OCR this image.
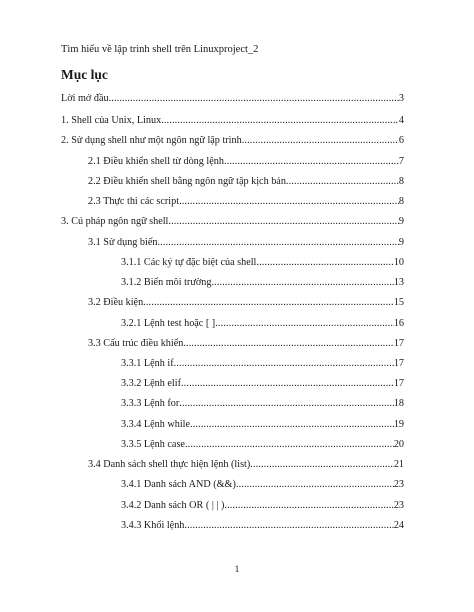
Tìm hiểu về lập trình shell trên Linuxproject_2
Mục lục
Lời mở đầu . . .	3
1. Shell của Unix, Linux . . .	4
2. Sử dụng shell như một ngôn ngữ lập trình . . .	6
2.1 Điều khiển shell từ dòng lệnh . . .	7
2.2 Điều khiển shell bằng ngôn ngữ tập kịch bản . . .	8
2.3 Thực thi các script . . .	8
3. Cú pháp ngôn ngữ shell . . .	9
3.1 Sử dụng biến . . .	9
3.1.1 Các ký tự đặc biệt của shell . . .	10
3.1.2 Biến môi trường . . .	13
3.2 Điều kiện . . .	15
3.2.1 Lệnh test hoặc [ ] . . .	16
3.3 Cấu trúc điều khiển . . .	17
3.3.1 Lệnh if . . .	17
3.3.2 Lệnh elif . . .	17
3.3.3 Lệnh for . . .	18
3.3.4 Lệnh while . . .	19
3.3.5 Lệnh case . . .	20
3.4 Danh sách shell thực hiện lệnh (list) . . .	21
3.4.1 Danh sách AND (&&) . . .	23
3.4.2 Danh sách OR ( | | ) . . .	23
3.4.3 Khối lệnh . . .	24
1
